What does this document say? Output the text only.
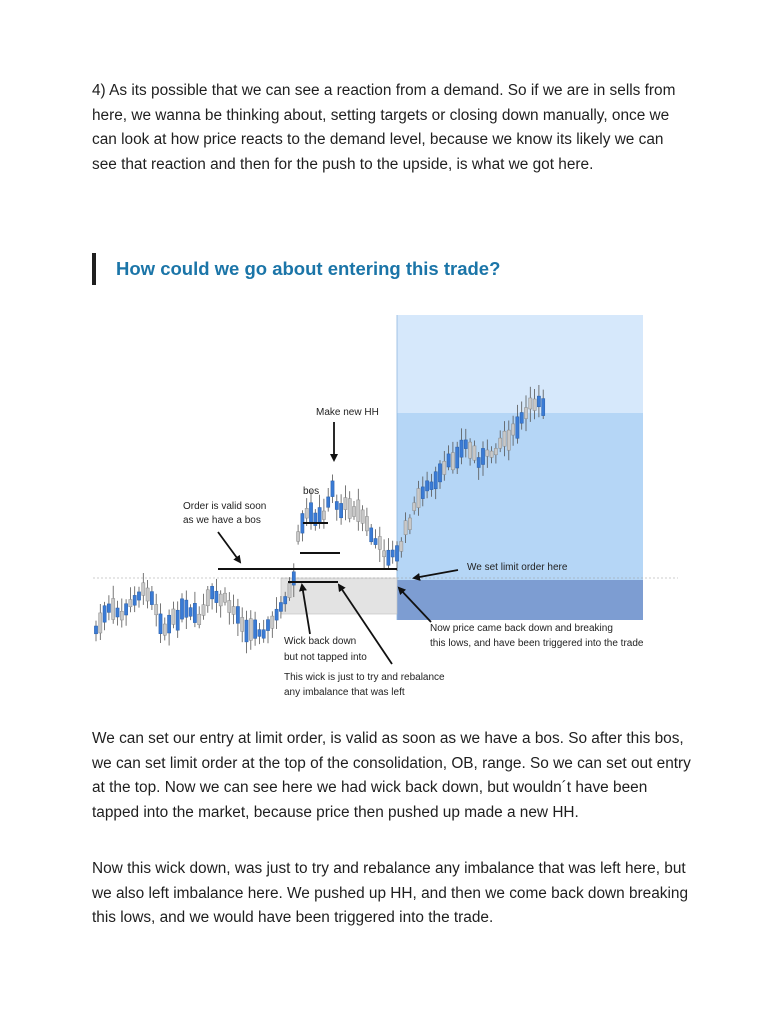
4) As its possible that we can see a reaction from a demand. So if we are in sells from here, we wanna be thinking about, setting targets or closing down manually, once we can look at how price reacts to the demand level, because we know its likely we can see that reaction and then for the push to the upside, is what we got here.

How could we go about entering this trade?
Make new HH
bos
Order is valid soon
as we have a bos
We set limit order here
Now price came back down and breaking
this lows, and have been triggered into the trade
Wick back down
but not tapped into
This wick is just to try and rebalance
any imbalance that was left

We can set our entry at limit order, is valid as soon as we have a bos. So after this bos, we can set limit order at the top of the consolidation, OB, range. So we can set out entry at the top. Now we can see here we had wick back down, but wouldn´t have been tapped into the market, because price then pushed up made a new HH.

Now this wick down, was just to try and rebalance any imbalance that was left here, but we also left imbalance here. We pushed up HH, and then we come back down breaking this lows, and we would have been triggered into the trade.
